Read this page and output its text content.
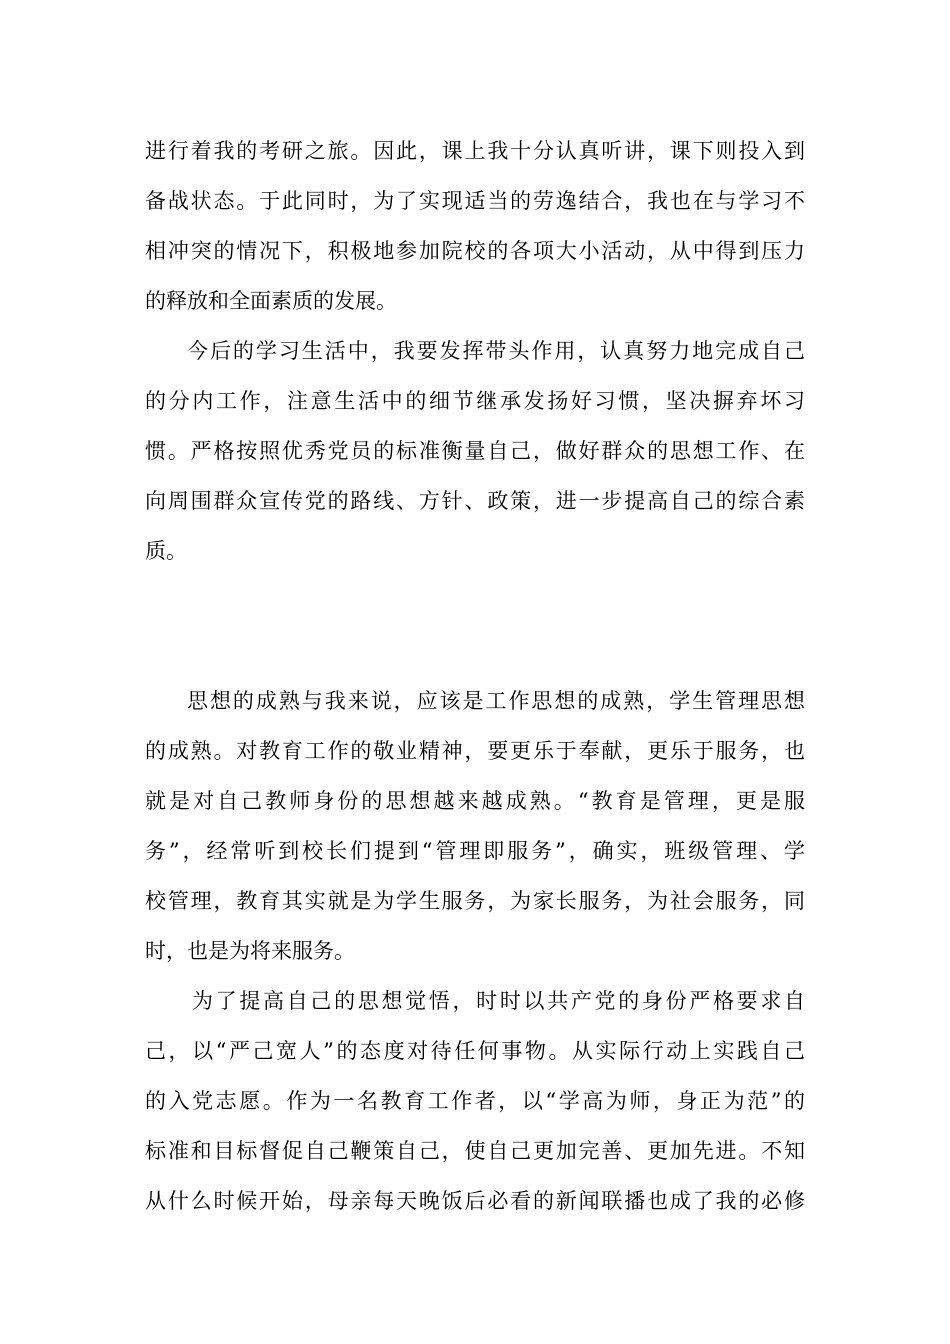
进行着我的考研之旅。因此，课上我十分认真听讲，课下则投入到
备战状态。于此同时，为了实现适当的劳逸结合，我也在与学习不
相冲突的情况下，积极地参加院校的各项大小活动，从中得到压力
的释放和全面素质的发展。
今后的学习生活中，我要发挥带头作用，认真努力地完成自己
的分内工作，注意生活中的细节继承发扬好习惯，坚决摒弃坏习
惯。严格按照优秀党员的标准衡量自己，做好群众的思想工作、在
向周围群众宣传党的路线、方针、政策，进一步提高自己的综合素
质。
思想的成熟与我来说，应该是工作思想的成熟，学生管理思想
的成熟。对教育工作的敬业精神，要更乐于奉献，更乐于服务，也
就是对自己教师身份的思想越来越成熟。“教育是管理，更是服
务”，经常听到校长们提到“管理即服务”，确实，班级管理、学
校管理，教育其实就是为学生服务，为家长服务，为社会服务，同
时，也是为将来服务。
为了提高自己的思想觉悟，时时以共产党的身份严格要求自
己，以“严己宽人”的态度对待任何事物。从实际行动上实践自己
的入党志愿。作为一名教育工作者，以“学高为师，身正为范”的
标准和目标督促自己鞭策自己，使自己更加完善、更加先进。不知
从什么时候开始，母亲每天晚饭后必看的新闻联播也成了我的必修
